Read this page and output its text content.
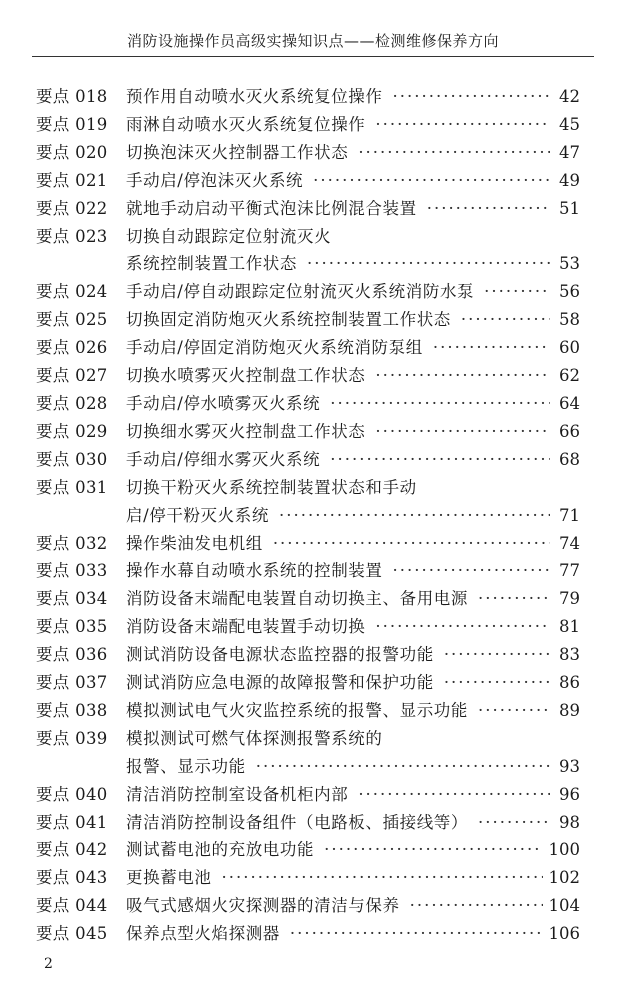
消防设施操作员高级实操知识点——检测维修保养方向
要点 018	预作用自动喷水灭火系统复位操作 ·····	42
要点 019	雨淋自动喷水灭火系统复位操作 ·····	45
要点 020	切换泡沫灭火控制器工作状态 ·····	47
要点 021	手动启/停泡沫灭火系统 ·····	49
要点 022	就地手动启动平衡式泡沫比例混合装置 ·····	51
要点 023	切换自动跟踪定位射流灭火
系统控制装置工作状态 ·····	53
要点 024	手动启/停自动跟踪定位射流灭火系统消防水泵 ·····	56
要点 025	切换固定消防炮灭火系统控制装置工作状态 ·····	58
要点 026	手动启/停固定消防炮灭火系统消防泵组 ·····	60
要点 027	切换水喷雾灭火控制盘工作状态 ·····	62
要点 028	手动启/停水喷雾灭火系统 ·····	64
要点 029	切换细水雾灭火控制盘工作状态 ·····	66
要点 030	手动启/停细水雾灭火系统 ·····	68
要点 031	切换干粉灭火系统控制装置状态和手动
启/停干粉灭火系统 ·····	71
要点 032	操作柴油发电机组 ·····	74
要点 033	操作水幕自动喷水系统的控制装置 ·····	77
要点 034	消防设备末端配电装置自动切换主、备用电源 ·····	79
要点 035	消防设备末端配电装置手动切换 ·····	81
要点 036	测试消防设备电源状态监控器的报警功能 ·····	83
要点 037	测试消防应急电源的故障报警和保护功能 ·····	86
要点 038	模拟测试电气火灾监控系统的报警、显示功能 ·····	89
要点 039	模拟测试可燃气体探测报警系统的
报警、显示功能 ·····	93
要点 040	清洁消防控制室设备机柜内部 ·····	96
要点 041	清洁消防控制设备组件（电路板、插接线等） ·····	98
要点 042	测试蓄电池的充放电功能 ·····	100
要点 043	更换蓄电池 ·····	102
要点 044	吸气式感烟火灾探测器的清洁与保养 ·····	104
要点 045	保养点型火焰探测器 ·····	106
2
